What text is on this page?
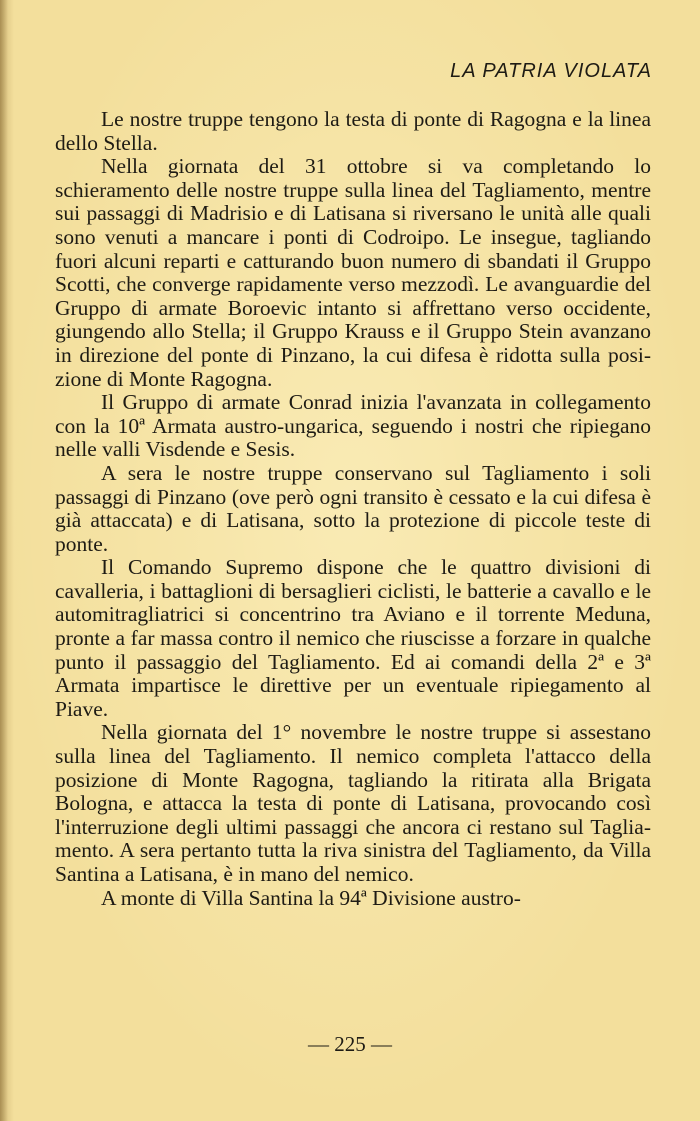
LA PATRIA VIOLATA

Le nostre truppe tengono la testa di ponte di Ragogna e la linea dello Stella.

Nella giornata del 31 ottobre si va completando lo schieramento delle nostre truppe sulla linea del Tagliamento, mentre sui passaggi di Madrisio e di Latisana si riversano le unità alle quali sono venuti a mancare i ponti di Codroipo. Le insegue, tagliando fuori alcuni reparti e catturando buon numero di sbandati il Gruppo Scotti, che converge rapidamente verso mezzodì. Le avanguardie del Gruppo di armate Boroevic intanto si affrettano verso occidente, giungendo allo Stella; il Gruppo Krauss e il Gruppo Stein avanzano in direzione del ponte di Pinzano, la cui difesa è ridotta sulla posizione di Monte Ragogna.

Il Gruppo di armate Conrad inizia l'avanzata in collegamento con la 10ª Armata austro-ungarica, seguendo i nostri che ripiegano nelle valli Visdende e Sesis.

A sera le nostre truppe conservano sul Tagliamento i soli passaggi di Pinzano (ove però ogni transito è cessato e la cui difesa è già attaccata) e di Latisana, sotto la protezione di piccole teste di ponte.

Il Comando Supremo dispone che le quattro divisioni di cavalleria, i battaglioni di bersaglieri ciclisti, le batterie a cavallo e le automitragliatrici si concentrino tra Aviano e il torrente Meduna, pronte a far massa contro il nemico che riuscisse a forzare in qualche punto il passaggio del Tagliamento. Ed ai comandi della 2ª e 3ª Armata impartisce le direttive per un eventuale ripiegamento al Piave.

Nella giornata del 1° novembre le nostre truppe si assestano sulla linea del Tagliamento. Il nemico completa l'attacco della posizione di Monte Ragogna, tagliando la ritirata alla Brigata Bologna, e attacca la testa di ponte di Latisana, provocando così l'interruzione degli ultimi passaggi che ancora ci restano sul Tagliamento. A sera pertanto tutta la riva sinistra del Tagliamento, da Villa Santina a Latisana, è in mano del nemico.

A monte di Villa Santina la 94ª Divisione austro-

— 225 —
